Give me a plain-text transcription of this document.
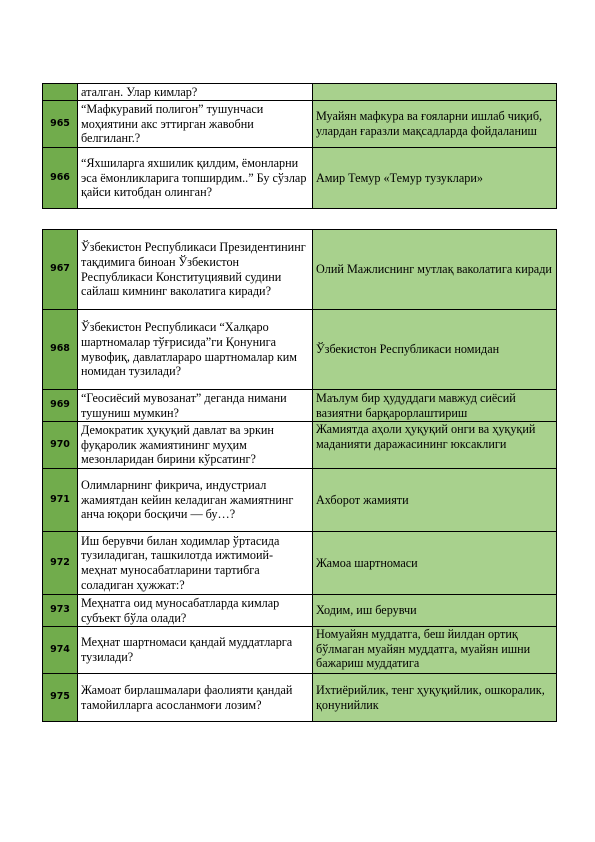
	аталган. Улар кимлар?	
965	“Мафкуравий полигон” тушунчаси моҳиятини акс эттирган жавобни белгиланг.?	Муайян мафкура ва ғояларни ишлаб чиқиб, улардан ғаразли мақсадларда фойдаланиш
966	“Яхшиларга яхшилик қилдим, ёмонларни эса ёмонликларига топширдим..” Бу сўзлар қайси китобдан олинган?	Амир Темур «Темур тузуклари»
967	Ўзбекистон Республикаси Президентининг тақдимига биноан Ўзбекистон Республикаси Конституциявий судини сайлаш кимнинг ваколатига киради?	Олий Мажлиснинг мутлақ ваколатига киради
968	Ўзбекистон Республикаси “Халқаро шартномалар тўғрисида”ги Қонунига мувофиқ, давлатлараро шартномалар ким номидан тузилади?	Ўзбекистон Республикаси номидан
969	“Геосиёсий мувозанат” деганда нимани тушуниш мумкин?	Маълум бир ҳудуддаги мавжуд сиёсий вазиятни барқарорлаштириш
970	Демократик ҳуқуқий давлат ва эркин фуқаролик жамиятининг муҳим мезонларидан бирини кўрсатинг?	Жамиятда аҳоли ҳуқуқий онги ва ҳуқуқий маданияти даражасининг юксаклиги
971	Олимларнинг фикрича, индустриал жамиятдан кейин келадиган жамиятнинг анча юқори босқичи — бу…?	Ахборот жамияти
972	Иш берувчи билан ходимлар ўртасида тузиладиган, ташкилотда ижтимоий-меҳнат муносабатларини тартибга соладиган ҳужжат:?	Жамоа шартномаси
973	Меҳнатга оид муносабатларда кимлар субъект бўла олади?	Ходим, иш берувчи
974	Меҳнат шартномаси қандай муддатларга тузилади?	Номуайян муддатга, беш йилдан ортиқ бўлмаган муайян муддатга, муайян ишни бажариш муддатига
975	Жамоат бирлашмалари фаолияти қандай тамойилларга асосланмоғи лозим?	Ихтиёрийлик, тенг ҳуқуқийлик, ошкоралик, қонунийлик
